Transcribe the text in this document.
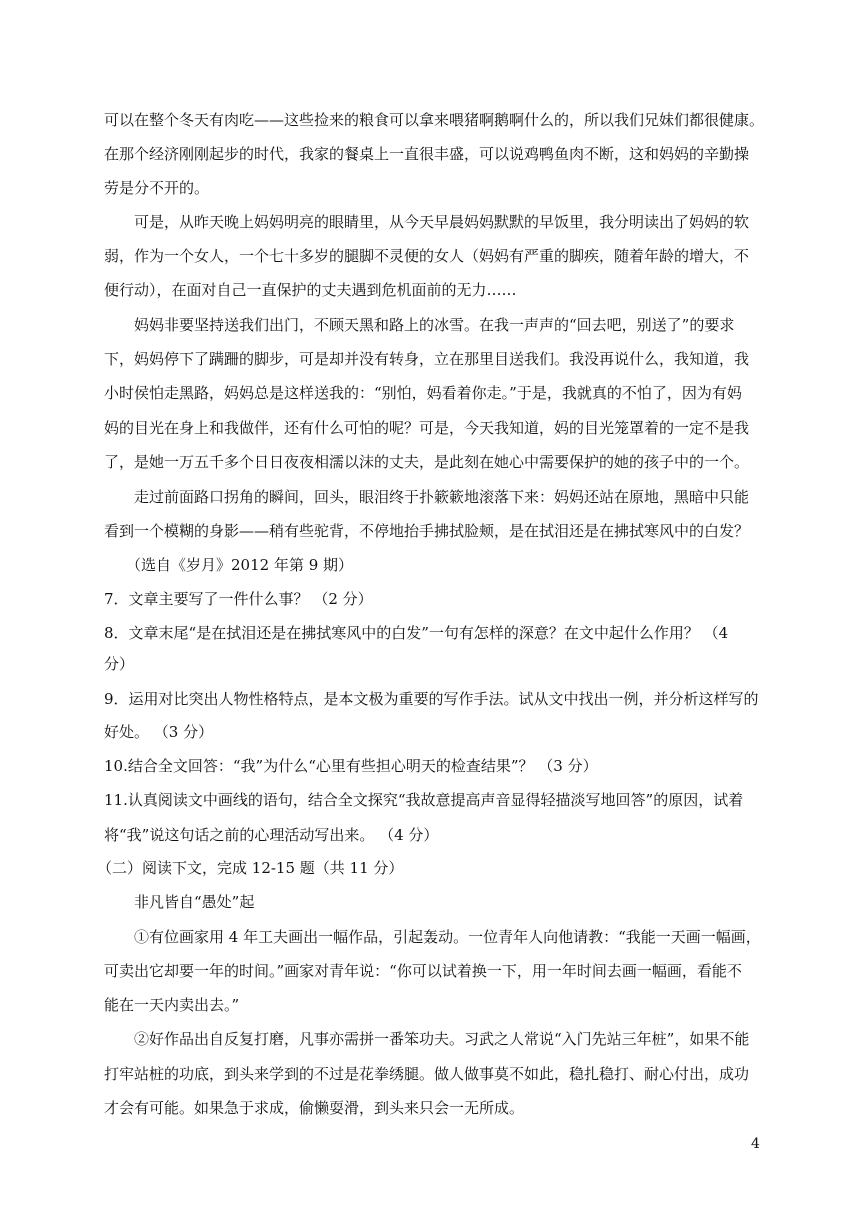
可以在整个冬天有肉吃——这些捡来的粮食可以拿来喂猪啊鹅啊什么的，所以我们兄妹们都很健康。
在那个经济刚刚起步的时代，我家的餐桌上一直很丰盛，可以说鸡鸭鱼肉不断，这和妈妈的辛勤操
劳是分不开的。
可是，从昨天晚上妈妈明亮的眼睛里，从今天早晨妈妈默默的早饭里，我分明读出了妈妈的软
弱，作为一个女人，一个七十多岁的腿脚不灵便的女人（妈妈有严重的脚疾，随着年龄的增大，不
便行动），在面对自己一直保护的丈夫遇到危机面前的无力……
妈妈非要坚持送我们出门，不顾天黑和路上的冰雪。在我一声声的“回去吧，别送了”的要求
下，妈妈停下了蹒跚的脚步，可是却并没有转身，立在那里目送我们。我没再说什么，我知道，我
小时侯怕走黑路，妈妈总是这样送我的：“别怕，妈看着你走。”于是，我就真的不怕了，因为有妈
妈的目光在身上和我做伴，还有什么可怕的呢？可是，今天我知道，妈的目光笼罩着的一定不是我
了，是她一万五千多个日日夜夜相濡以沫的丈夫，是此刻在她心中需要保护的她的孩子中的一个。
走过前面路口拐角的瞬间，回头，眼泪终于扑簌簌地滚落下来：妈妈还站在原地，黑暗中只能
看到一个模糊的身影——稍有些驼背，不停地抬手拂拭脸颊，是在拭泪还是在拂拭寒风中的白发？
（选自《岁月》2012 年第 9 期）
7．文章主要写了一件什么事？ （2 分）
8．文章末尾“是在拭泪还是在拂拭寒风中的白发”一句有怎样的深意？在文中起什么作用？ （4
分）
9．运用对比突出人物性格特点，是本文极为重要的写作手法。试从文中找出一例，并分析这样写的
好处。 （3 分）
10.结合全文回答：“我”为什么“心里有些担心明天的检查结果”？ （3 分）
11.认真阅读文中画线的语句，结合全文探究“我故意提高声音显得轻描淡写地回答”的原因，试着
将“我”说这句话之前的心理活动写出来。 （4 分）
（二）阅读下文，完成 12-15 题（共 11 分）
非凡皆自“愚处”起
①有位画家用 4 年工夫画出一幅作品，引起轰动。一位青年人向他请教：“我能一天画一幅画，
可卖出它却要一年的时间。”画家对青年说：“你可以试着换一下，用一年时间去画一幅画，看能不
能在一天内卖出去。”
②好作品出自反复打磨，凡事亦需拼一番笨功夫。习武之人常说“入门先站三年桩”，如果不能
打牢站桩的功底，到头来学到的不过是花拳绣腿。做人做事莫不如此，稳扎稳打、耐心付出，成功
才会有可能。如果急于求成，偷懒耍滑，到头来只会一无所成。
4
